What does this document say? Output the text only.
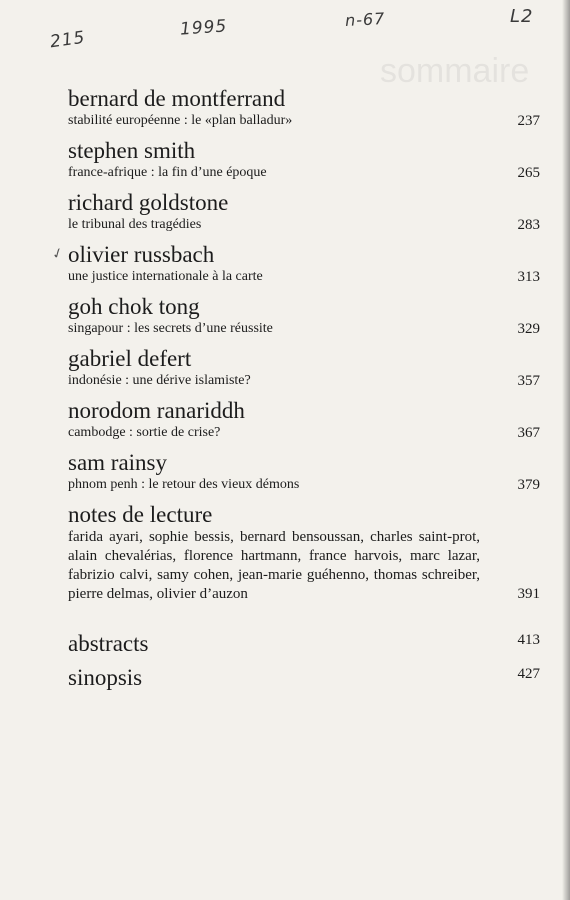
sommaire
215	1995	n-67	L2
bernard de montferrand
stabilité européenne : le «plan balladur»	237
stephen smith
france-afrique : la fin d’une époque	265
richard goldstone
le tribunal des tragédies	283
✓ olivier russbach
une justice internationale à la carte	313
goh chok tong
singapour : les secrets d’une réussite	329
gabriel defert
indonésie : une dérive islamiste?	357
norodom ranariddh
cambodge : sortie de crise?	367
sam rainsy
phnom penh : le retour des vieux démons	379
notes de lecture
farida ayari, sophie bessis, bernard bensoussan, charles saint-prot, alain chevalérias, florence hartmann, france harvois, marc lazar, fabrizio calvi, samy cohen, jean-marie guéhenno, thomas schreiber, pierre delmas, olivier d’auzon	391
abstracts	413
sinopsis	427
